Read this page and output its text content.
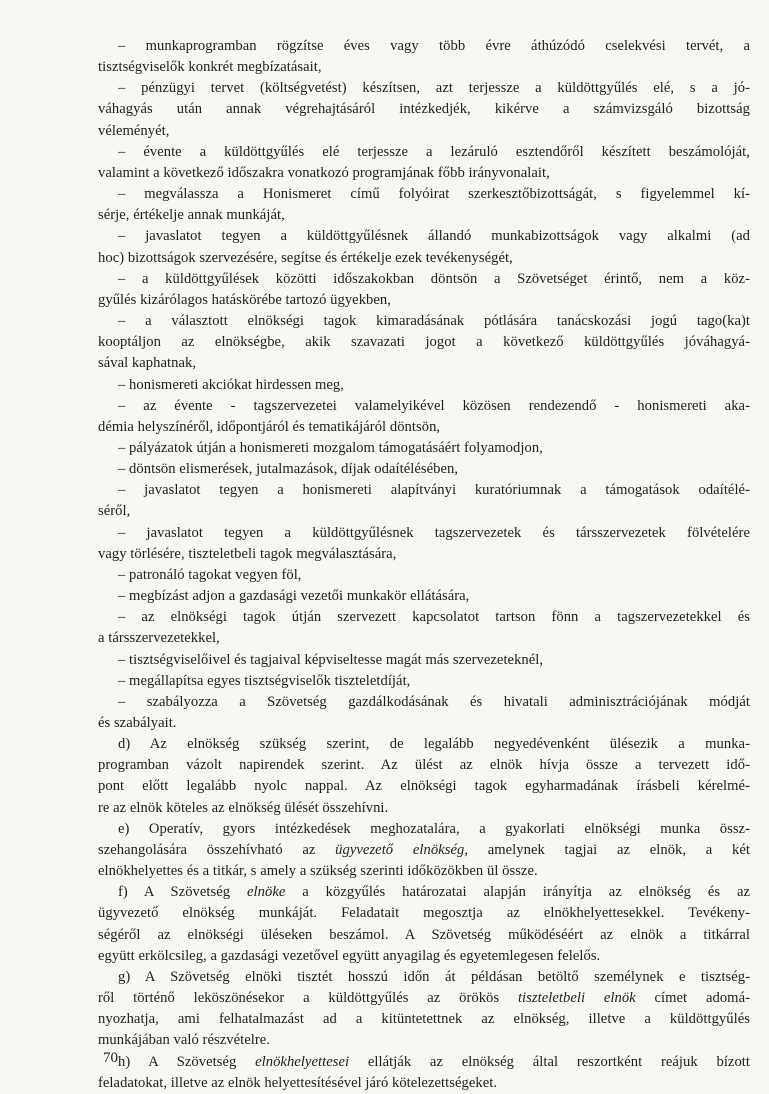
– munkaprogramban rögzítse éves vagy több évre áthúzódó cselekvési tervét, a
tisztségviselők konkrét megbízatásait,
– pénzügyi tervet (költségvetést) készítsen, azt terjessze a küldöttgyűlés elé, s a jó-
váhagyás után annak végrehajtásáról intézkedjék, kikérve a számvizsgáló bizottság
véleményét,
– évente a küldöttgyűlés elé terjessze a lezáruló esztendőről készített beszámolóját,
valamint a következő időszakra vonatkozó programjának főbb irányvonalait,
– megválassza a Honismeret című folyóirat szerkesztőbizottságát, s figyelemmel kí-
sérje, értékelje annak munkáját,
– javaslatot tegyen a küldöttgyűlésnek állandó munkabizottságok vagy alkalmi (ad
hoc) bizottságok szervezésére, segítse és értékelje ezek tevékenységét,
– a küldöttgyűlések közötti időszakokban döntsön a Szövetséget érintő, nem a köz-
gyűlés kizárólagos hatáskörébe tartozó ügyekben,
– a választott elnökségi tagok kimaradásának pótlására tanácskozási jogú tago(ka)t
kooptáljon az elnökségbe, akik szavazati jogot a következő küldöttgyűlés jóváhagyá-
sával kaphatnak,
– honismereti akciókat hirdessen meg,
– az évente - tagszervezetei valamelyikével közösen rendezendő - honismereti aka-
démia helyszínéről, időpontjáról és tematikájáról döntsön,
– pályázatok útján a honismereti mozgalom támogatásáért folyamodjon,
– döntsön elismerések, jutalmazások, díjak odaítélésében,
– javaslatot tegyen a honismereti alapítványi kuratóriumnak a támogatások odaítélé-
séről,
– javaslatot tegyen a küldöttgyűlésnek tagszervezetek és társszervezetek fölvételére
vagy törlésére, tiszteletbeli tagok megválasztására,
– patronáló tagokat vegyen föl,
– megbízást adjon a gazdasági vezetői munkakör ellátására,
– az elnökségi tagok útján szervezett kapcsolatot tartson fönn a tagszervezetekkel és
a társszervezetekkel,
– tisztségviselőivel és tagjaival képviseltesse magát más szervezeteknél,
– megállapítsa egyes tisztségviselők tiszteletdíját,
– szabályozza a Szövetség gazdálkodásának és hivatali adminisztrációjának módját
és szabályait.
d) Az elnökség szükség szerint, de legalább negyedévenként ülésezik a munka-
programban vázolt napirendek szerint. Az ülést az elnök hívja össze a tervezett idő-
pont előtt legalább nyolc nappal. Az elnökségi tagok egyharmadának írásbeli kérelmé-
re az elnök köteles az elnökség ülését összehívni.
e) Operatív, gyors intézkedések meghozatalára, a gyakorlati elnökségi munka össz-
szehangolására összehívható az ügyvezető elnökség, amelynek tagjai az elnök, a két
elnökhelyettes és a titkár, s amely a szükség szerinti időközökben ül össze.
f) A Szövetség elnöke a közgyűlés határozatai alapján irányítja az elnökség és az
ügyvezető elnökség munkáját. Feladatait megosztja az elnökhelyettesekkel. Tevékeny-
ségéről az elnökségi üléseken beszámol. A Szövetség működéséért az elnök a titkárral
együtt erkölcsileg, a gazdasági vezetővel együtt anyagilag és egyetemlegesen felelős.
g) A Szövetség elnöki tisztét hosszú időn át példásan betöltő személynek e tisztség-
ről történő leköszönésekor a küldöttgyűlés az örökös tiszteletbeli elnök címet adomá-
nyozhatja, ami felhatalmazást ad a kitüntetettnek az elnökség, illetve a küldöttgyűlés
munkájában való részvételre.
h) A Szövetség elnökhelyettesei ellátják az elnökség által reszortként reájuk bízott
feladatokat, illetve az elnök helyettesítésével járó kötelezettségeket.
70
